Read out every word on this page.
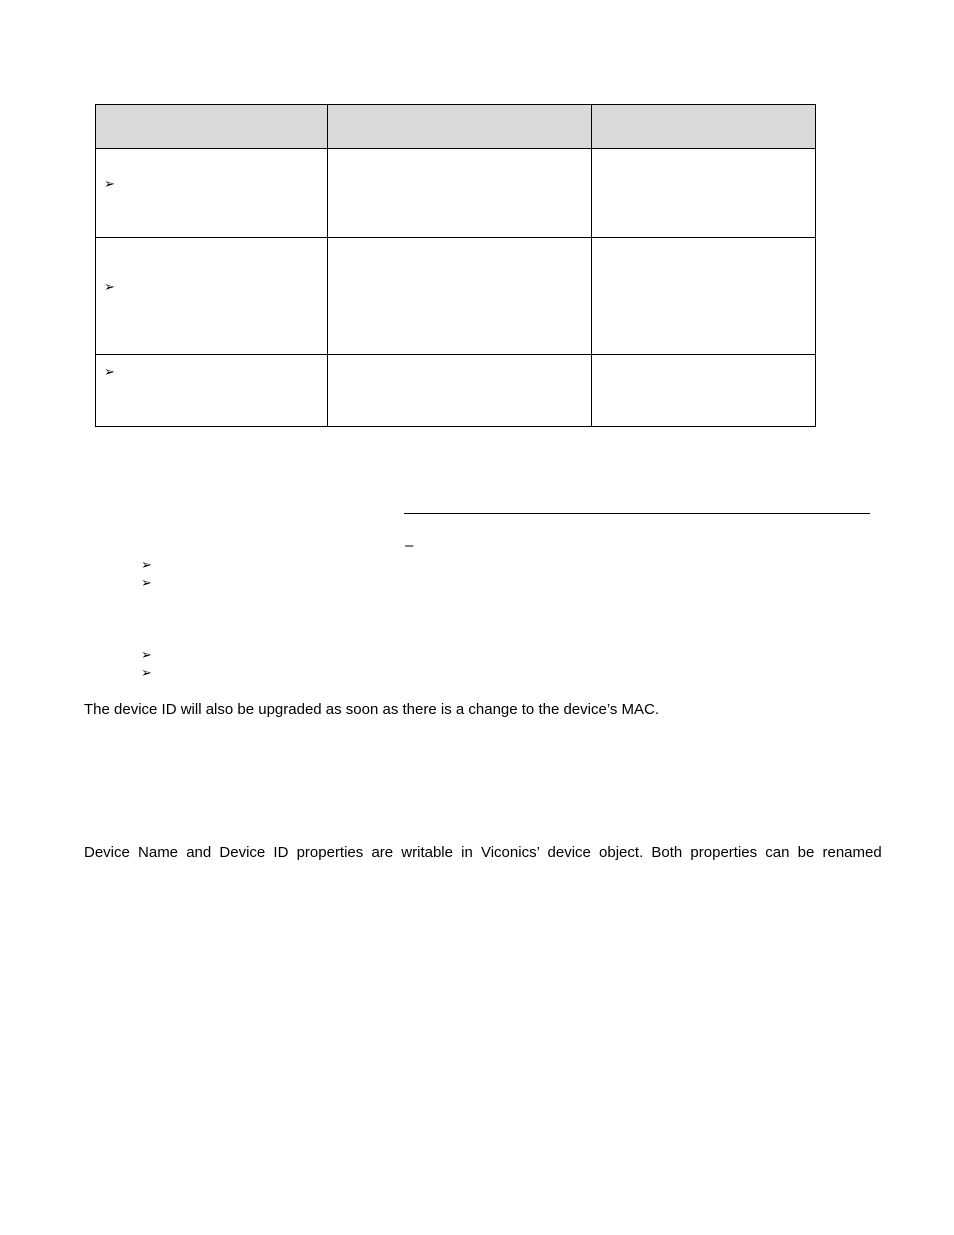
➢		

➢		

➢		

–
➢
➢
➢
➢

The device ID will also be upgraded as soon as there is a change to the device’s MAC.

Device Name and Device ID properties are writable in Viconics’ device object. Both properties can be renamed
